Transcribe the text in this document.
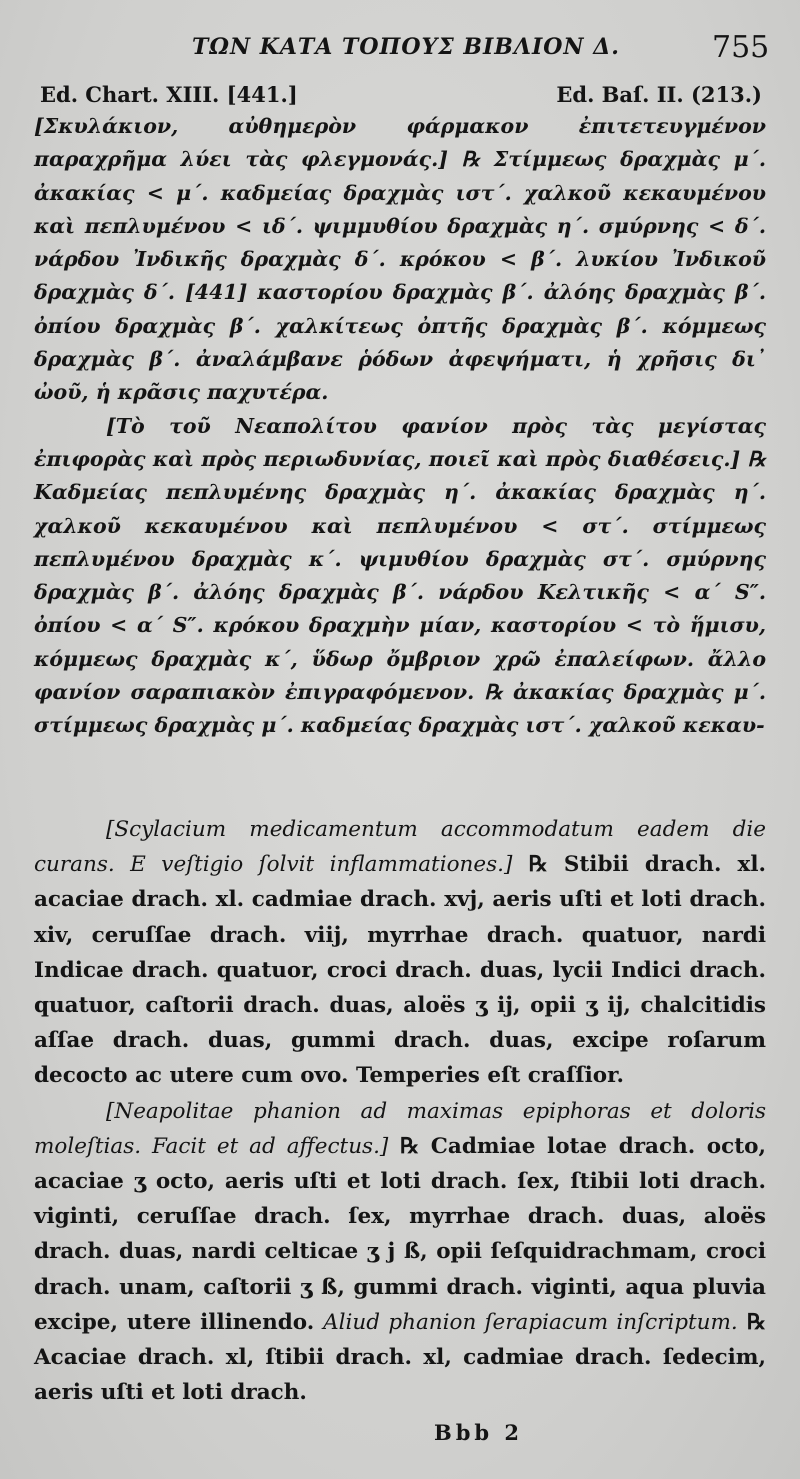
ΤΩΝ ΚΑΤΑ ΤΟΠΟΥΣ ΒΙΒΛΙΟΝ Δ.	755
Ed. Chart. XIII. [441.]	Ed. Baſ. II. (213.)

[Σκυλάκιον, αὐθημερὸν φάρμακον ἐπιτετευγμένον παραχρῆμα λύει τὰς φλεγμονάς.] ℞ Στίμμεως δραχμὰς μ΄. ἀκακίας < μ΄. καδμείας δραχμὰς ιστ΄. χαλκοῦ κεκαυμένου καὶ πεπλυμένου < ιδ΄. ψιμμυθίου δραχμὰς η΄. σμύρνης < δ΄. νάρδου Ἰνδικῆς δραχμὰς δ΄. κρόκου < β΄. λυκίου Ἰνδικοῦ δραχμὰς δ΄. [441] καστορίου δραχμὰς β΄. ἀλόης δραχμὰς β΄. ὀπίου δραχμὰς β΄. χαλκίτεως ὀπτῆς δραχμὰς β΄. κόμμεως δραχμὰς β΄. ἀναλάμβανε ῥόδων ἀφεψήματι, ἡ χρῆσις δι᾽ ὠοῦ, ἡ κρᾶσις παχυτέρα.

[Τὸ τοῦ Νεαπολίτου φανίον πρὸς τὰς μεγίστας ἐπιφορὰς καὶ πρὸς περιωδυνίας, ποιεῖ καὶ πρὸς διαθέσεις.] ℞ Καδμείας πεπλυμένης δραχμὰς η΄. ἀκακίας δραχμὰς η΄. χαλκοῦ κεκαυμένου καὶ πεπλυμένου < στ΄. στίμμεως πεπλυμένου δραχμὰς κ΄. ψιμυθίου δραχμὰς στ΄. σμύρνης δραχμὰς β΄. ἀλόης δραχμὰς β΄. νάρδου Κελτικῆς < α΄ S″. ὀπίου < α΄ S″. κρόκου δραχμὴν μίαν, καστορίου < τὸ ἥμισυ, κόμμεως δραχμὰς κ΄, ὕδωρ ὄμβριον χρῶ ἐπαλείφων. ἄλλο φανίον σαραπιακὸν ἐπιγραφόμενον. ℞ ἀκακίας δραχμὰς μ΄. στίμμεως δραχμὰς μ΄. καδμείας δραχμὰς ιστ΄. χαλκοῦ κεκαυ-

[Scylacium medicamentum accommodatum eadem die curans. E veſtigio ſolvit inflammationes.] ℞ Stibii drach. xl. acaciae drach. xl. cadmiae drach. xvj, aeris uſti et loti drach. xiv, ceruſſae drach. viij, myrrhae drach. quatuor, nardi Indicae drach. quatuor, croci drach. duas, lycii Indici drach. quatuor, caſtorii drach. duas, aloës ʒ ij, opii ʒ ij, chalcitidis aſſae drach. duas, gummi drach. duas, excipe roſarum decocto ac utere cum ovo. Temperies eſt craſſior.

[Neapolitae phanion ad maximas epiphoras et doloris moleſtias. Facit et ad affectus.] ℞ Cadmiae lotae drach. octo, acaciae ʒ octo, aeris uſti et loti drach. ſex, ſtibii loti drach. viginti, ceruſſae drach. ſex, myrrhae drach. duas, aloës drach. duas, nardi celticae ʒ j ß, opii ſeſquidrachmam, croci drach. unam, caſtorii ʒ ß, gummi drach. viginti, aqua pluvia excipe, utere illinendo. Aliud phanion ſerapiacum inſcriptum. ℞ Acaciae drach. xl, ſtibii drach. xl, cadmiae drach. ſedecim, aeris uſti et loti drach.

Bbb 2
